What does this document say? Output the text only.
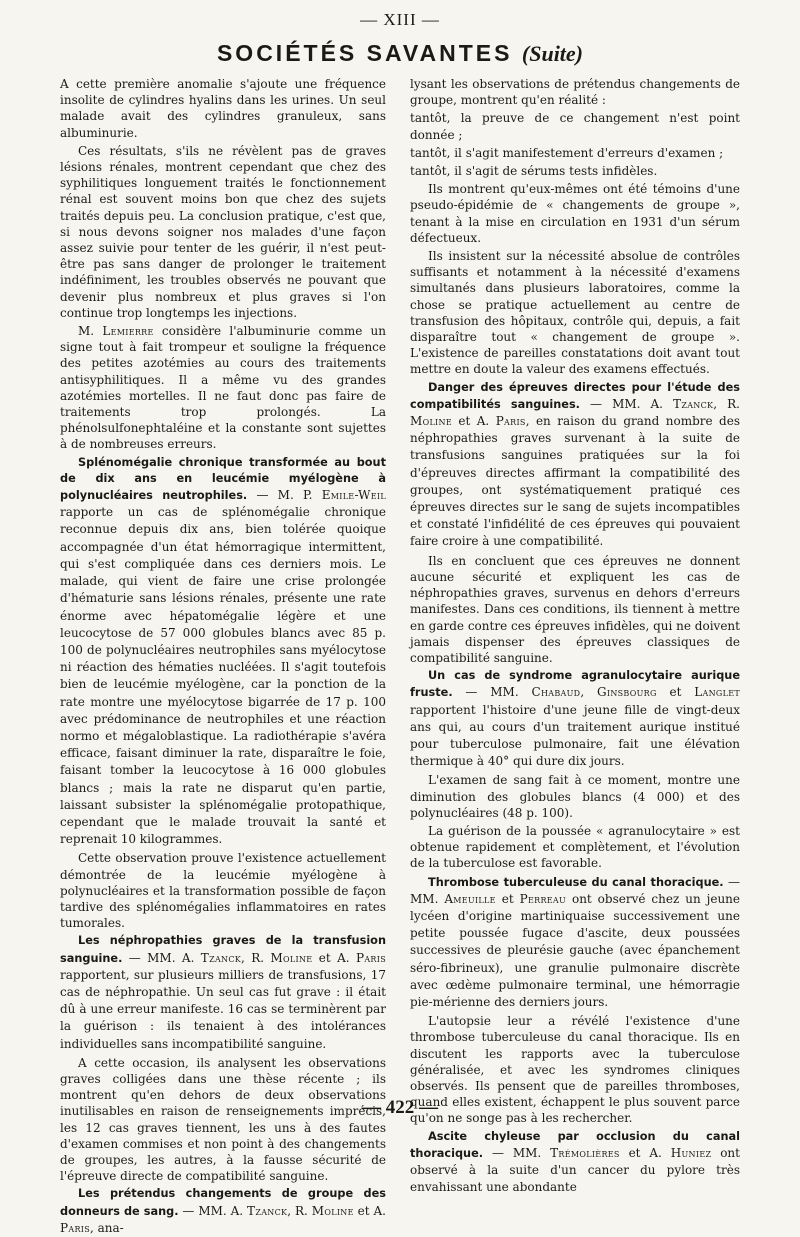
— XIII —
SOCIÉTÉS SAVANTES (Suite)

A cette première anomalie s'ajoute une fréquence insolite de cylindres hyalins dans les urines. Un seul malade avait des cylindres granuleux, sans albuminurie.

Ces résultats, s'ils ne révèlent pas de graves lésions rénales, montrent cependant que chez des syphilitiques longuement traités le fonctionnement rénal est souvent moins bon que chez des sujets traités depuis peu. La conclusion pratique, c'est que, si nous devons soigner nos malades d'une façon assez suivie pour tenter de les guérir, il n'est peut-être pas sans danger de prolonger le traitement indéfiniment, les troubles observés ne pouvant que devenir plus nombreux et plus graves si l'on continue trop longtemps les injections.

M. Lemierre considère l'albuminurie comme un signe tout à fait trompeur et souligne la fréquence des petites azotémies au cours des traitements antisyphilitiques. Il a même vu des grandes azotémies mortelles. Il ne faut donc pas faire de traitements trop prolongés. La phénolsulfonephtaléine et la constante sont sujettes à de nombreuses erreurs.

Splénomégalie chronique transformée au bout de dix ans en leucémie myélogène à polynucléaires neutrophiles. — M. P. Emile-Weil rapporte un cas de splénomégalie chronique reconnue depuis dix ans, bien tolérée quoique accompagnée d'un état hémorragique intermittent, qui s'est compliquée dans ces derniers mois. Le malade, qui vient de faire une crise prolongée d'hématurie sans lésions rénales, présente une rate énorme avec hépatomégalie légère et une leucocytose de 57 000 globules blancs avec 85 p. 100 de polynucléaires neutrophiles sans myélocytose ni réaction des hématies nucléées. Il s'agit toutefois bien de leucémie myélogène, car la ponction de la rate montre une myélocytose bigarrée de 17 p. 100 avec prédominance de neutrophiles et une réaction normo et mégaloblastique. La radiothérapie s'avéra efficace, faisant diminuer la rate, disparaître le foie, faisant tomber la leucocytose à 16 000 globules blancs ; mais la rate ne disparut qu'en partie, laissant subsister la splénomégalie protopathique, cependant que le malade trouvait la santé et reprenait 10 kilogrammes.

Cette observation prouve l'existence actuellement démontrée de la leucémie myélogène à polynucléaires et la transformation possible de façon tardive des splénomégalies inflammatoires en rates tumorales.

Les néphropathies graves de la transfusion sanguine. — MM. A. Tzanck, R. Moline et A. Paris rapportent, sur plusieurs milliers de transfusions, 17 cas de néphropathie. Un seul cas fut grave : il était dû à une erreur manifeste. 16 cas se terminèrent par la guérison : ils tenaient à des intolérances individuelles sans incompatibilité sanguine.

A cette occasion, ils analysent les observations graves colligées dans une thèse récente ; ils montrent qu'en dehors de deux observations inutilisables en raison de renseignements imprécis, les 12 cas graves tiennent, les uns à des fautes d'examen commises et non point à des changements de groupes, les autres, à la fausse sécurité de l'épreuve directe de compatibilité sanguine.

Les prétendus changements de groupe des donneurs de sang. — MM. A. Tzanck, R. Moline et A. Paris, ana-

lysant les observations de prétendus changements de groupe, montrent qu'en réalité :

tantôt, la preuve de ce changement n'est point donnée ;

tantôt, il s'agit manifestement d'erreurs d'examen ;

tantôt, il s'agit de sérums tests infidèles.

Ils montrent qu'eux-mêmes ont été témoins d'une pseudo-épidémie de « changements de groupe », tenant à la mise en circulation en 1931 d'un sérum défectueux.

Ils insistent sur la nécessité absolue de contrôles suffisants et notamment à la nécessité d'examens simultanés dans plusieurs laboratoires, comme la chose se pratique actuellement au centre de transfusion des hôpitaux, contrôle qui, depuis, a fait disparaître tout « changement de groupe ». L'existence de pareilles constatations doit avant tout mettre en doute la valeur des examens effectués.

Danger des épreuves directes pour l'étude des compatibilités sanguines. — MM. A. Tzanck, R. Moline et A. Paris, en raison du grand nombre des néphropathies graves survenant à la suite de transfusions sanguines pratiquées sur la foi d'épreuves directes affirmant la compatibilité des groupes, ont systématiquement pratiqué ces épreuves directes sur le sang de sujets incompatibles et constaté l'infidélité de ces épreuves qui pouvaient faire croire à une compatibilité.

Ils en concluent que ces épreuves ne donnent aucune sécurité et expliquent les cas de néphropathies graves, survenus en dehors d'erreurs manifestes. Dans ces conditions, ils tiennent à mettre en garde contre ces épreuves infidèles, qui ne doivent jamais dispenser des épreuves classiques de compatibilité sanguine.

Un cas de syndrome agranulocytaire aurique fruste. — MM. Chabaud, Ginsbourg et Langlet rapportent l'histoire d'une jeune fille de vingt-deux ans qui, au cours d'un traitement aurique institué pour tuberculose pulmonaire, fait une élévation thermique à 40° qui dure dix jours.

L'examen de sang fait à ce moment, montre une diminution des globules blancs (4 000) et des polynucléaires (48 p. 100).

La guérison de la poussée « agranulocytaire » est obtenue rapidement et complètement, et l'évolution de la tuberculose est favorable.

Thrombose tuberculeuse du canal thoracique. — MM. Ameuille et Perreau ont observé chez un jeune lycéen d'origine martiniquaise successivement une petite poussée fugace d'ascite, deux poussées successives de pleurésie gauche (avec épanchement séro-fibrineux), une granulie pulmonaire discrète avec œdème pulmonaire terminal, une hémorragie pie-mérienne des derniers jours.

L'autopsie leur a révélé l'existence d'une thrombose tuberculeuse du canal thoracique. Ils en discutent les rapports avec la tuberculose généralisée, et avec les syndromes cliniques observés. Ils pensent que de pareilles thromboses, quand elles existent, échappent le plus souvent parce qu'on ne songe pas à les rechercher.

Ascite chyleuse par occlusion du canal thoracique. — MM. Trémolières et A. Huniez ont observé à la suite d'un cancer du pylore très envahissant une abondante

— 422 —
